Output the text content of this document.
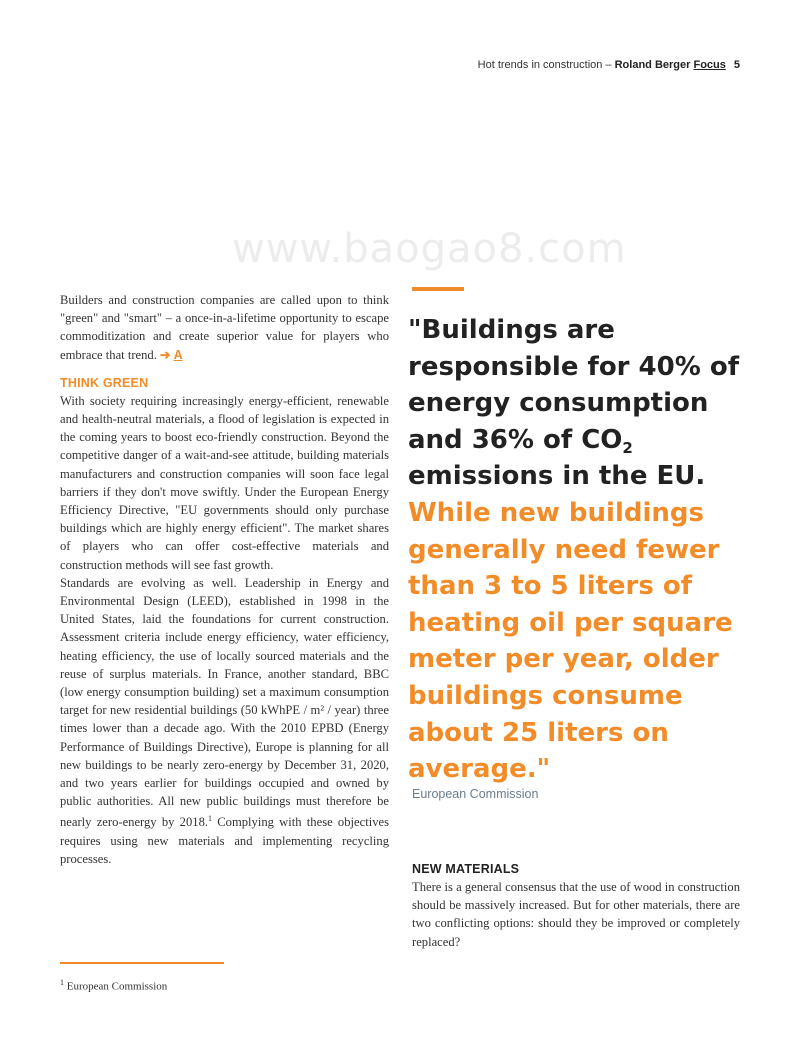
Hot trends in construction – Roland Berger Focus 5
www.baogao8.com

Builders and construction companies are called upon to think "green" and "smart" – a once-in-a-lifetime opportunity to escape commoditization and create superior value for players who embrace that trend. ➔ A

THINK GREEN

With society requiring increasingly energy-efficient, renewable and health-neutral materials, a flood of legislation is expected in the coming years to boost eco-friendly construction. Beyond the competitive danger of a wait-and-see attitude, building materials manufacturers and construction companies will soon face legal barriers if they don't move swiftly. Under the European Energy Efficiency Directive, "EU governments should only purchase buildings which are highly energy efficient". The market shares of players who can offer cost-effective materials and construction methods will see fast growth.

Standards are evolving as well. Leadership in Energy and Environmental Design (LEED), established in 1998 in the United States, laid the foundations for current construction. Assessment criteria include energy efficiency, water efficiency, heating efficiency, the use of locally sourced materials and the reuse of surplus materials. In France, another standard, BBC (low energy consumption building) set a maximum consumption target for new residential buildings (50 kWhPE / m² / year) three times lower than a decade ago. With the 2010 EPBD (Energy Performance of Buildings Directive), Europe is planning for all new buildings to be nearly zero-energy by December 31, 2020, and two years earlier for buildings occupied and owned by public authorities. All new public buildings must therefore be nearly zero-energy by 2018.$^1$ Complying with these objectives requires using new materials and implementing recycling processes.

$^1$ European Commission
"Buildings are responsible for 40% of energy consumption and 36% of $CO_2$ emissions in the EU. While new buildings generally need fewer than 3 to 5 liters of heating oil per square meter per year, older buildings consume about 25 liters on average."
European Commission
NEW MATERIALS

There is a general consensus that the use of wood in construction should be massively increased. But for other materials, there are two conflicting options: should they be improved or completely replaced?
